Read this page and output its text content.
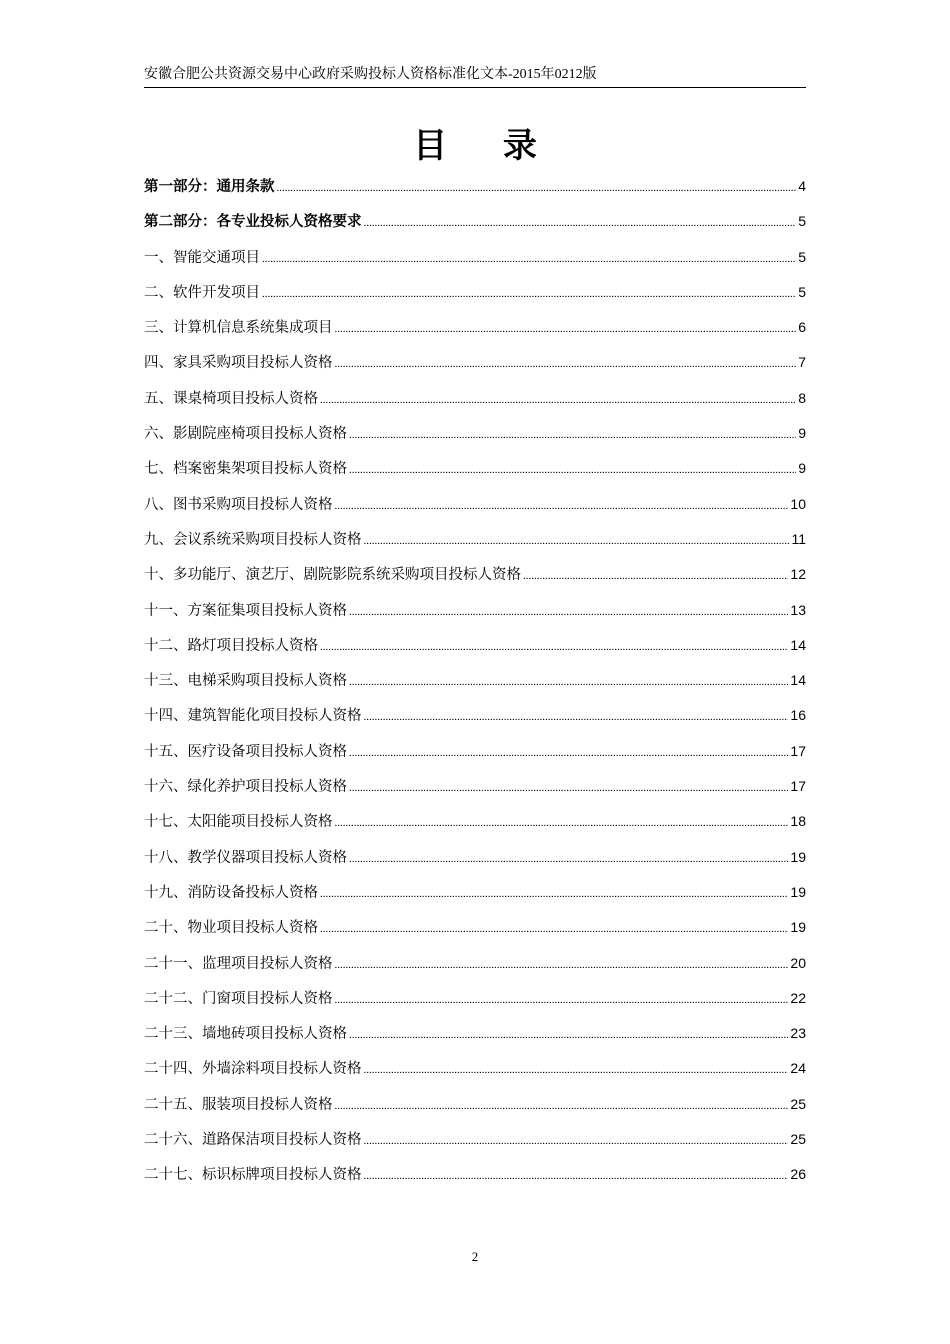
安徽合肥公共资源交易中心政府采购投标人资格标准化文本-2015年0212版
目 录
第一部分：通用条款 .....	4
第二部分：各专业投标人资格要求 .....	5
一、智能交通项目 .....	5
二、软件开发项目 .....	5
三、计算机信息系统集成项目 .....	6
四、家具采购项目投标人资格 .....	7
五、课桌椅项目投标人资格 .....	8
六、影剧院座椅项目投标人资格 .....	9
七、档案密集架项目投标人资格 .....	9
八、图书采购项目投标人资格 .....	10
九、会议系统采购项目投标人资格 .....	11
十、多功能厅、演艺厅、剧院影院系统采购项目投标人资格 .....	12
十一、方案征集项目投标人资格 .....	13
十二、路灯项目投标人资格 .....	14
十三、电梯采购项目投标人资格 .....	14
十四、建筑智能化项目投标人资格 .....	16
十五、医疗设备项目投标人资格 .....	17
十六、绿化养护项目投标人资格 .....	17
十七、太阳能项目投标人资格 .....	18
十八、教学仪器项目投标人资格 .....	19
十九、消防设备投标人资格 .....	19
二十、物业项目投标人资格 .....	19
二十一、监理项目投标人资格 .....	20
二十二、门窗项目投标人资格 .....	22
二十三、墙地砖项目投标人资格 .....	23
二十四、外墙涂料项目投标人资格 .....	24
二十五、服装项目投标人资格 .....	25
二十六、道路保洁项目投标人资格 .....	25
二十七、标识标牌项目投标人资格 .....	26
2
